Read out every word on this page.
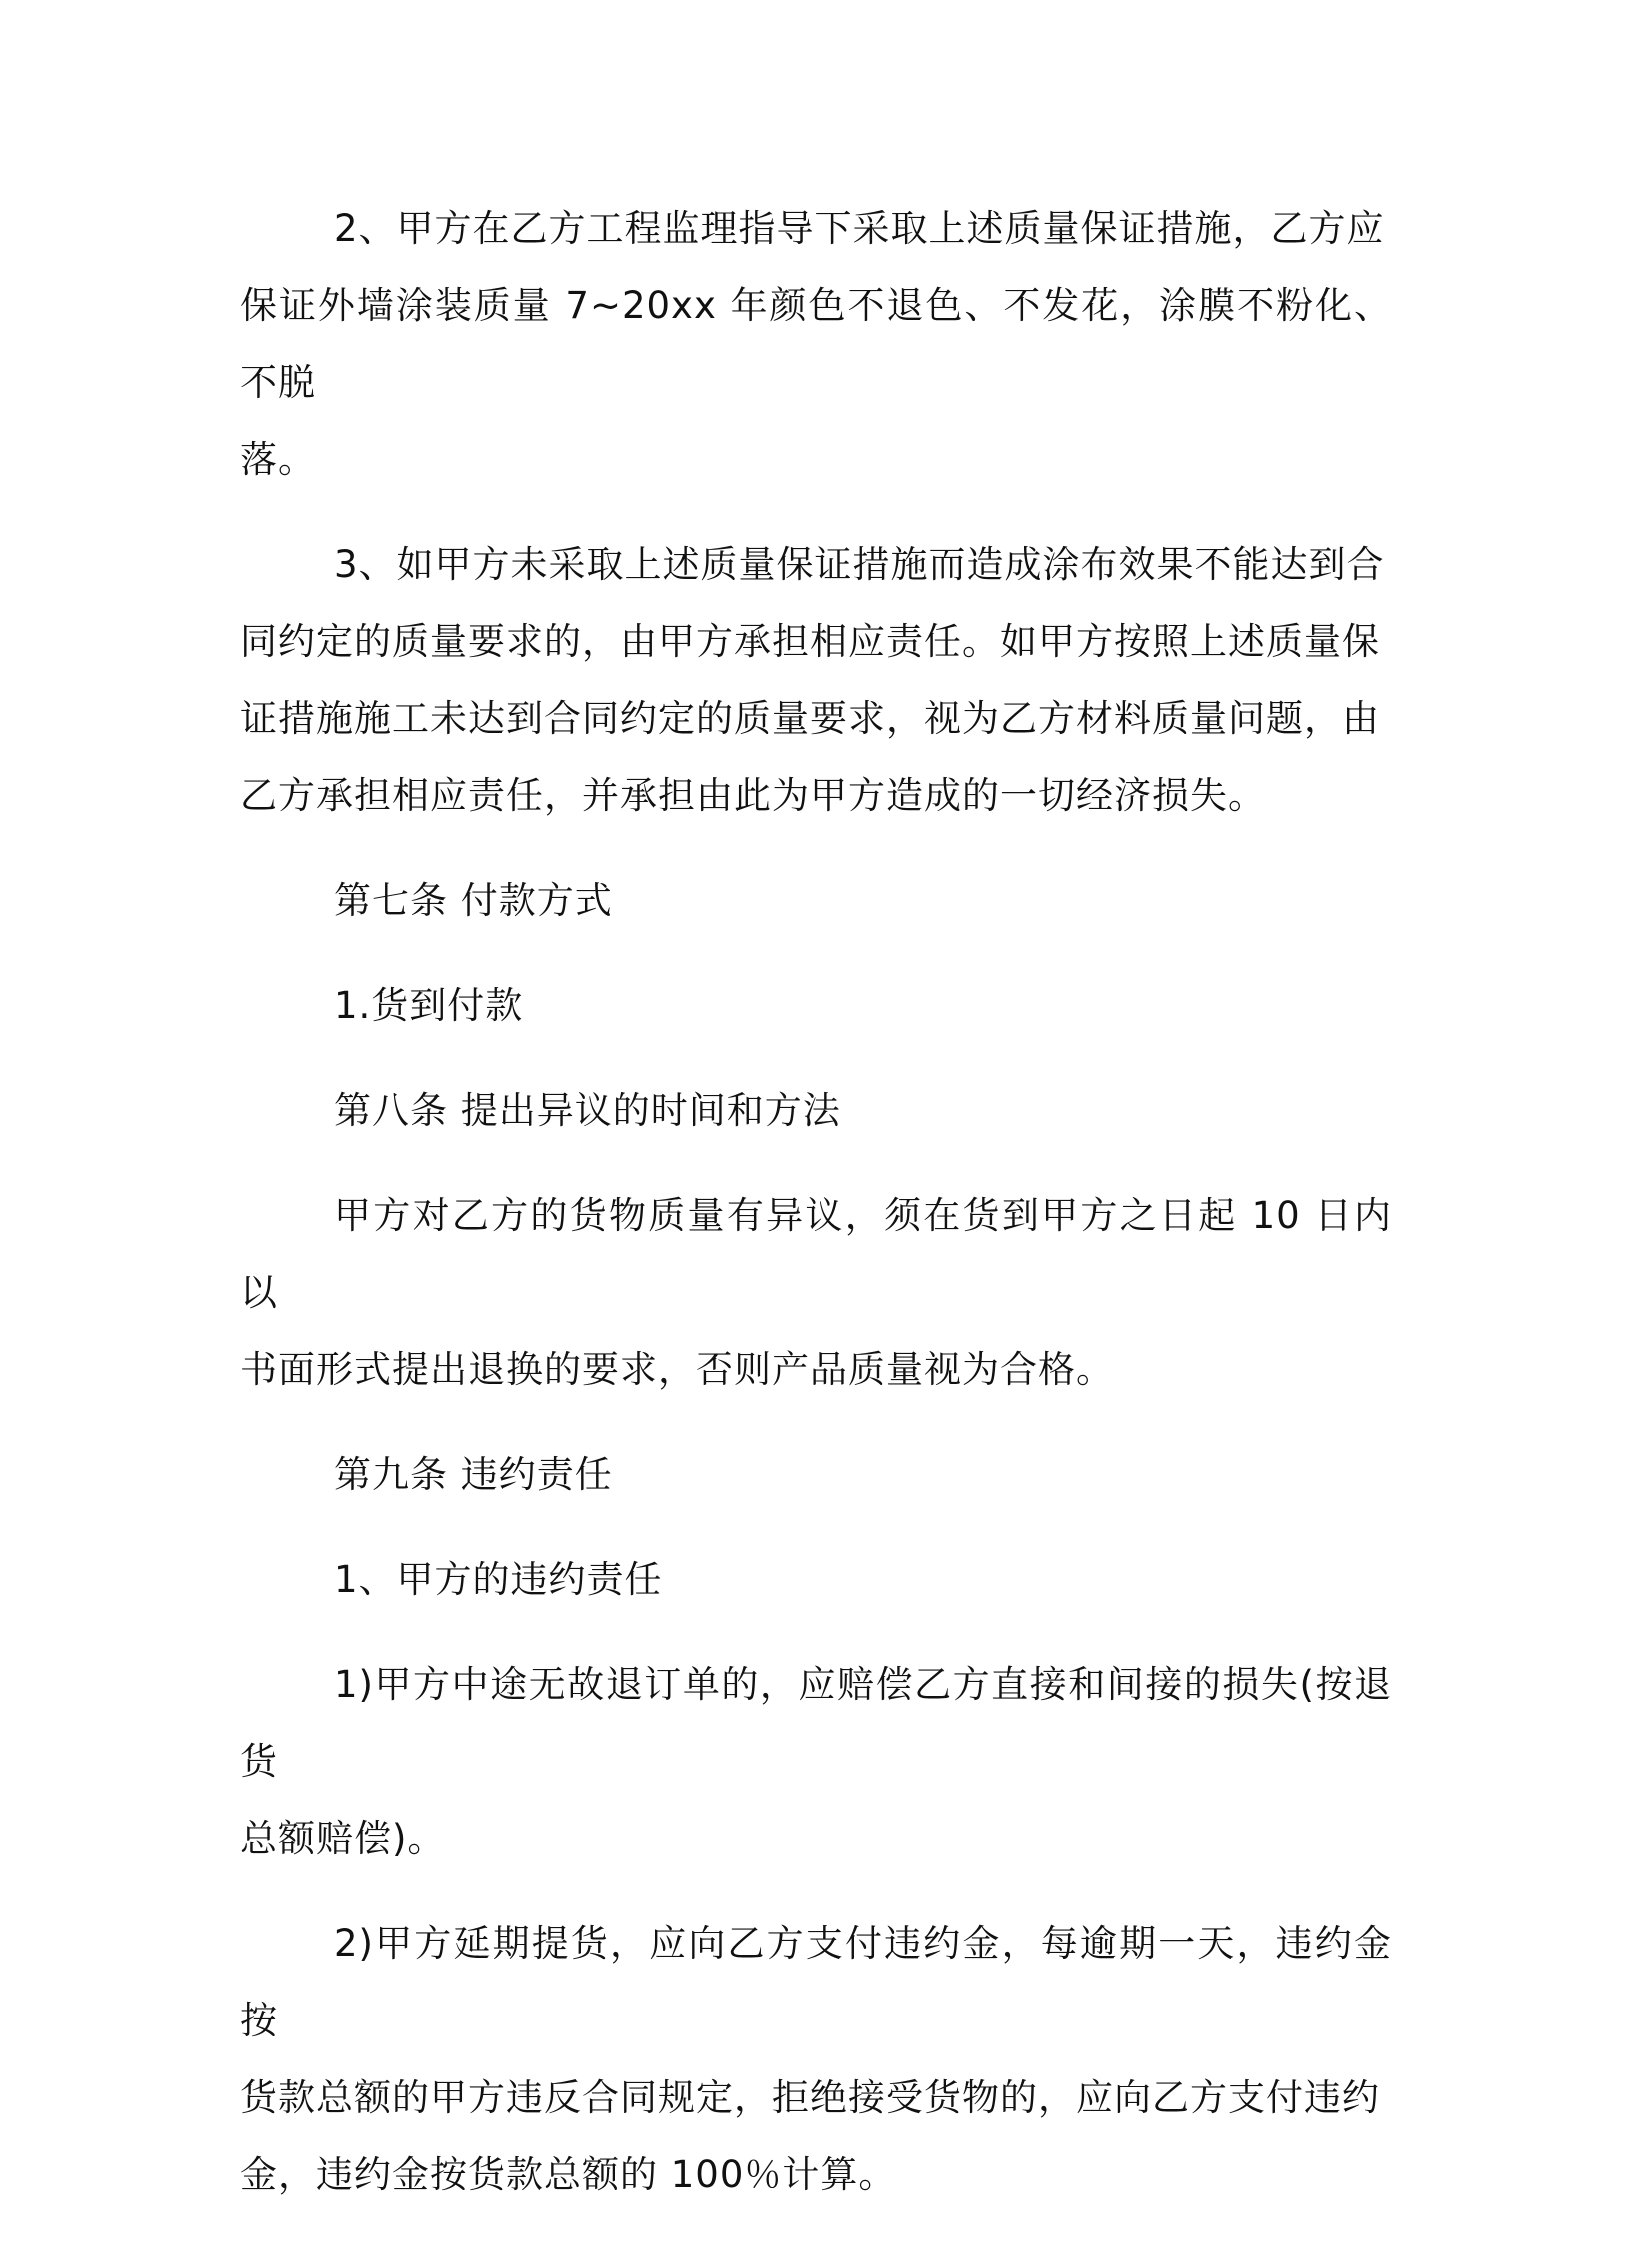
2、甲方在乙方工程监理指导下采取上述质量保证措施，乙方应
保证外墙涂装质量 7~20xx 年颜色不退色、不发花，涂膜不粉化、不脱
落。

3、如甲方未采取上述质量保证措施而造成涂布效果不能达到合
同约定的质量要求的，由甲方承担相应责任。如甲方按照上述质量保
证措施施工未达到合同约定的质量要求，视为乙方材料质量问题，由
乙方承担相应责任，并承担由此为甲方造成的一切经济损失。

第七条 付款方式

1.货到付款

第八条 提出异议的时间和方法

甲方对乙方的货物质量有异议，须在货到甲方之日起 10 日内以
书面形式提出退换的要求，否则产品质量视为合格。

第九条 违约责任

1、甲方的违约责任

1)甲方中途无故退订单的，应赔偿乙方直接和间接的损失(按退货
总额赔偿)。

2)甲方延期提货，应向乙方支付违约金，每逾期一天，违约金按
货款总额的甲方违反合同规定，拒绝接受货物的，应向乙方支付违约
金，违约金按货款总额的 100％计算。
